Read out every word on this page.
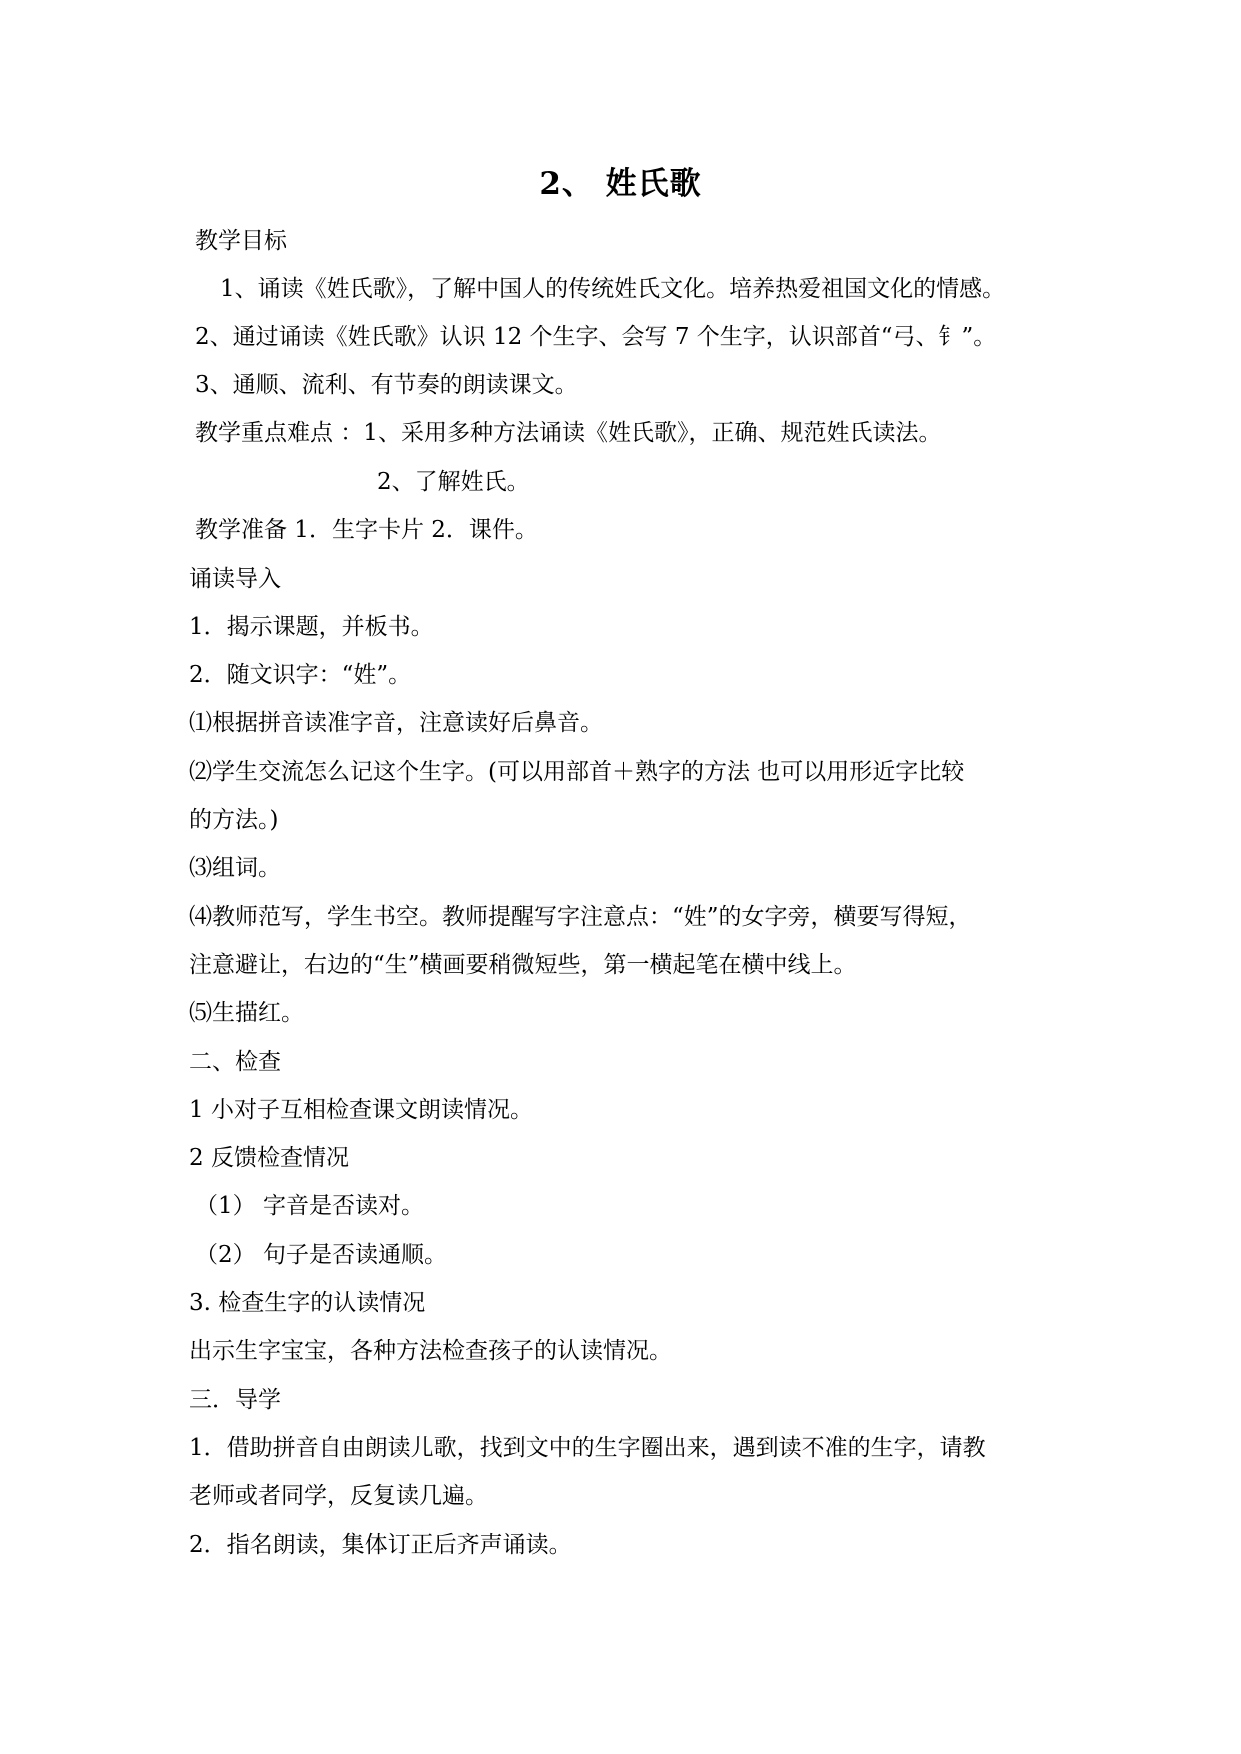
2、 姓氏歌
教学目标
1、诵读《姓氏歌》，了解中国人的传统姓氏文化。培养热爱祖国文化的情感。
2、通过诵读《姓氏歌》认识 12 个生字、会写 7 个生字，认识部首“弓、钅”。
3、通顺、流利、有节奏的朗读课文。
教学重点难点 ：1、采用多种方法诵读《姓氏歌》，正确、规范姓氏读法。
2、了解姓氏。
教学准备 1．生字卡片 2．课件。
诵读导入
1．揭示课题，并板书。
2．随文识字：“姓”。
⑴根据拼音读准字音，注意读好后鼻音。
⑵学生交流怎么记这个生字。(可以用部首＋熟字的方法 也可以用形近字比较
的方法。)
⑶组词。
⑷教师范写，学生书空。教师提醒写字注意点：“姓”的女字旁，横要写得短，
注意避让，右边的“生”横画要稍微短些，第一横起笔在横中线上。
⑸生描红。
二、检查
1 小对子互相检查课文朗读情况。
2 反馈检查情况
（1） 字音是否读对。
（2） 句子是否读通顺。
3. 检查生字的认读情况
出示生字宝宝，各种方法检查孩子的认读情况。
三．导学
1．借助拼音自由朗读儿歌，找到文中的生字圈出来，遇到读不准的生字，请教
老师或者同学，反复读几遍。
2．指名朗读，集体订正后齐声诵读。
